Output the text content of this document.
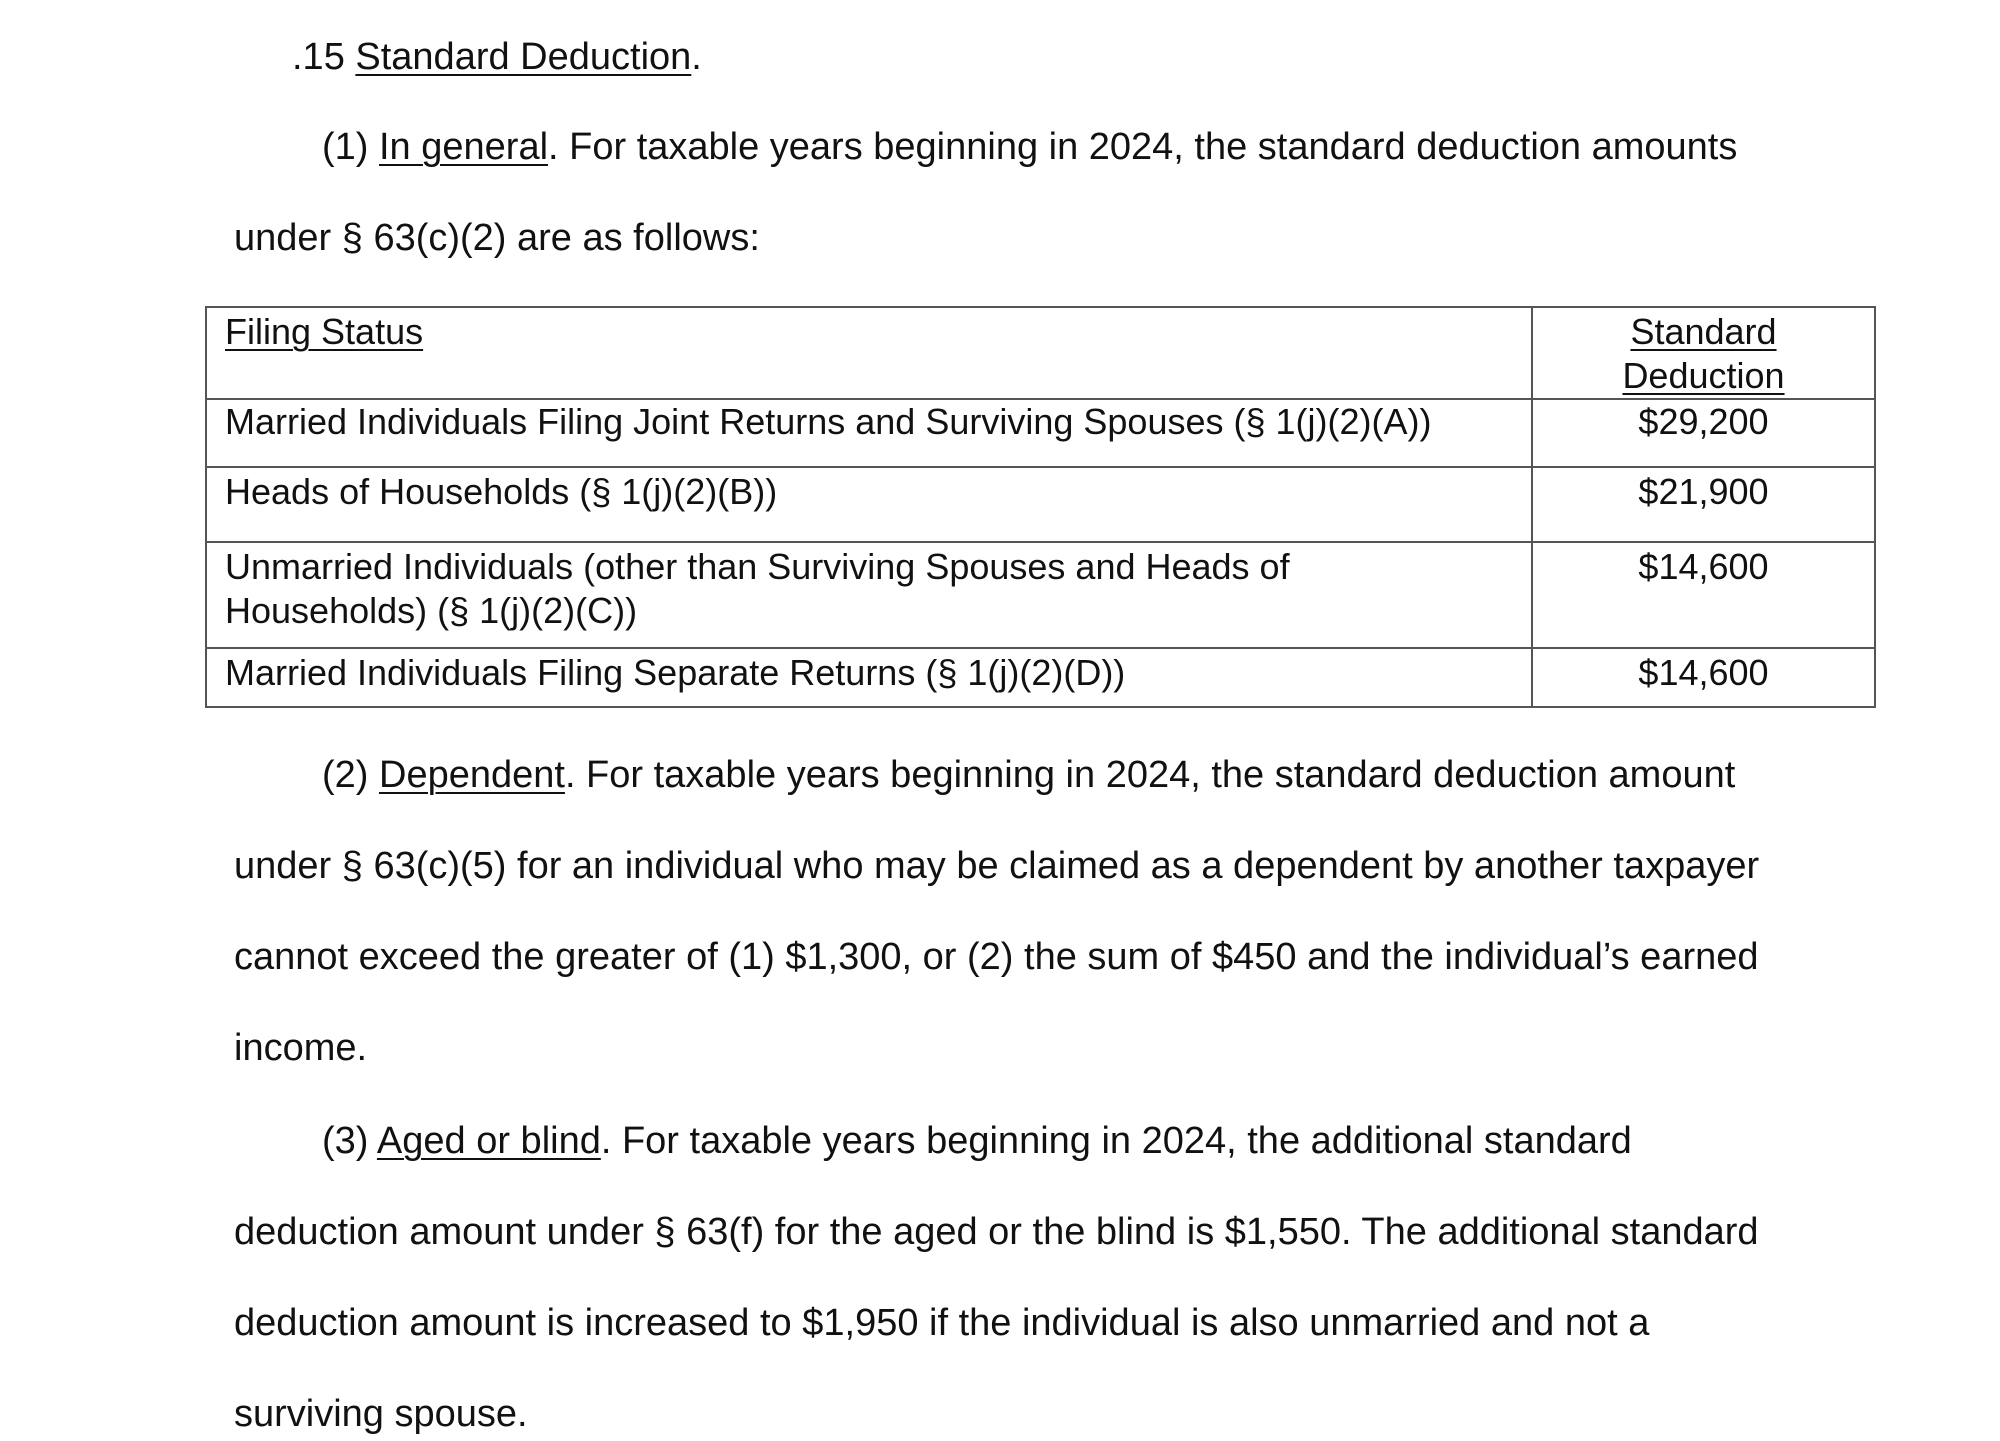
.15 Standard Deduction.
(1) In general. For taxable years beginning in 2024, the standard deduction amounts
under § 63(c)(2) are as follows:
Filing Status	Standard
Deduction
Married Individuals Filing Joint Returns and Surviving Spouses (§ 1(j)(2)(A))	$29,200
Heads of Households (§ 1(j)(2)(B))	$21,900
Unmarried Individuals (other than Surviving Spouses and Heads of
Households) (§ 1(j)(2)(C))	$14,600
Married Individuals Filing Separate Returns (§ 1(j)(2)(D))	$14,600
(2) Dependent. For taxable years beginning in 2024, the standard deduction amount
under § 63(c)(5) for an individual who may be claimed as a dependent by another taxpayer
cannot exceed the greater of (1) $1,300, or (2) the sum of $450 and the individual’s earned
income.
(3) Aged or blind. For taxable years beginning in 2024, the additional standard
deduction amount under § 63(f) for the aged or the blind is $1,550. The additional standard
deduction amount is increased to $1,950 if the individual is also unmarried and not a
surviving spouse.
